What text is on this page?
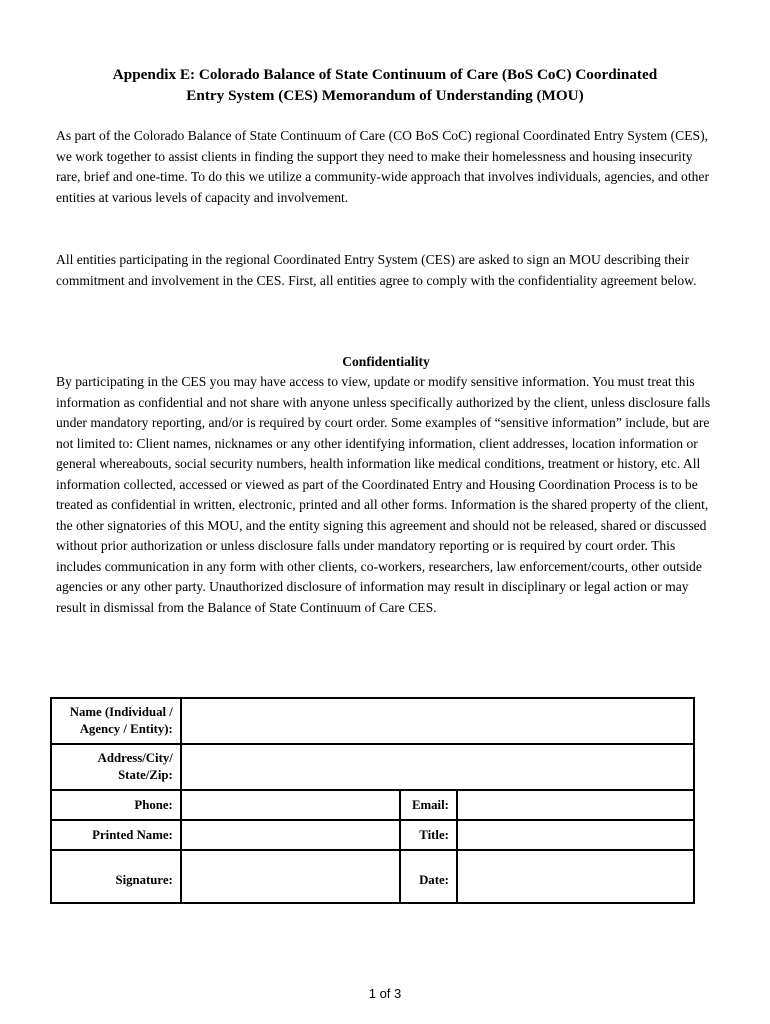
Appendix E: Colorado Balance of State Continuum of Care (BoS CoC) Coordinated
Entry System (CES) Memorandum of Understanding (MOU)
As part of the Colorado Balance of State Continuum of Care (CO BoS CoC) regional Coordinated Entry System (CES), we work together to assist clients in finding the support they need to make their homelessness and housing insecurity rare, brief and one-time. To do this we utilize a community-wide approach that involves individuals, agencies, and other entities at various levels of capacity and involvement.
All entities participating in the regional Coordinated Entry System (CES) are asked to sign an MOU describing their commitment and involvement in the CES. First, all entities agree to comply with the confidentiality agreement below.
Confidentiality
By participating in the CES you may have access to view, update or modify sensitive information. You must treat this information as confidential and not share with anyone unless specifically authorized by the client, unless disclosure falls under mandatory reporting, and/or is required by court order. Some examples of “sensitive information” include, but are not limited to: Client names, nicknames or any other identifying information, client addresses, location information or general whereabouts, social security numbers, health information like medical conditions, treatment or history, etc. All information collected, accessed or viewed as part of the Coordinated Entry and Housing Coordination Process is to be treated as confidential in written, electronic, printed and all other forms. Information is the shared property of the client, the other signatories of this MOU, and the entity signing this agreement and should not be released, shared or discussed without prior authorization or unless disclosure falls under mandatory reporting or is required by court order. This includes communication in any form with other clients, co-workers, researchers, law enforcement/courts, other outside agencies or any other party. Unauthorized disclosure of information may result in disciplinary or legal action or may result in dismissal from the Balance of State Continuum of Care CES.
Name (Individual /
Agency / Entity):			

Address/City/
State/Zip:			

Phone:		Email:	

Printed Name:		Title:	

Signature:		Date:	
1 of 3
